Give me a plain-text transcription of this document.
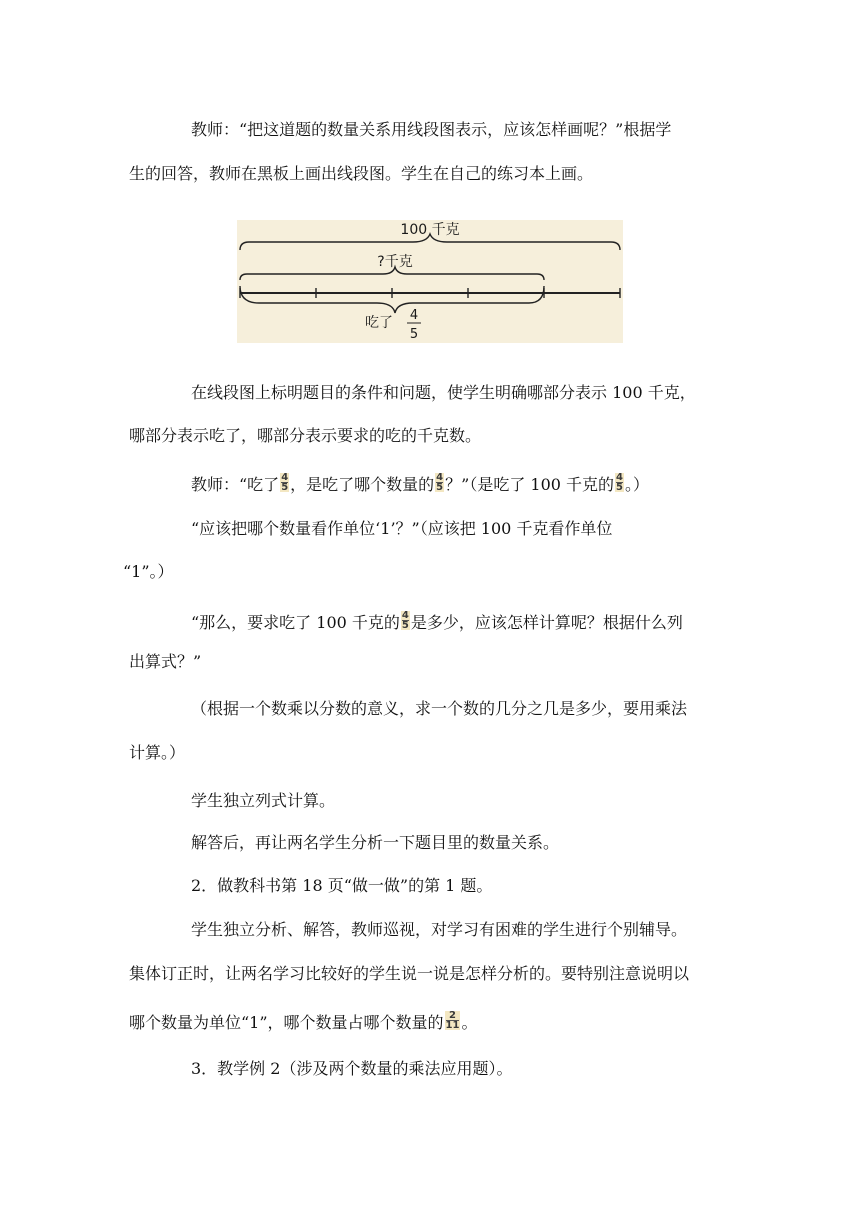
教师：“把这道题的数量关系用线段图表示，应该怎样画呢？”根据学
生的回答，教师在黑板上画出线段图。学生在自己的练习本上画。
100 千克
?千克
吃了 4
5
在线段图上标明题目的条件和问题，使学生明确哪部分表示 100 千克，
哪部分表示吃了，哪部分表示要求的吃的千克数。
教师：“吃了 $\frac{4}{5}$ ，是吃了哪个数量的 $\frac{4}{5}$ ？”（是吃了 100 千克的 $\frac{4}{5}$ 。）
“应该把哪个数量看作单位‘1’？”（应该把 100 千克看作单位
“1”。）
“那么，要求吃了 100 千克的 $\frac{4}{5}$ 是多少，应该怎样计算呢？根据什么列
出算式？”
（根据一个数乘以分数的意义，求一个数的几分之几是多少，要用乘法
计算。）
学生独立列式计算。
解答后，再让两名学生分析一下题目里的数量关系。
2．做教科书第 18 页“做一做”的第 1 题。
学生独立分析、解答，教师巡视，对学习有困难的学生进行个别辅导。
集体订正时，让两名学习比较好的学生说一说是怎样分析的。要特别注意说明以
哪个数量为单位“1”，哪个数量占哪个数量的 $\frac{2}{11}$ 。
3．教学例 2（涉及两个数量的乘法应用题）。
